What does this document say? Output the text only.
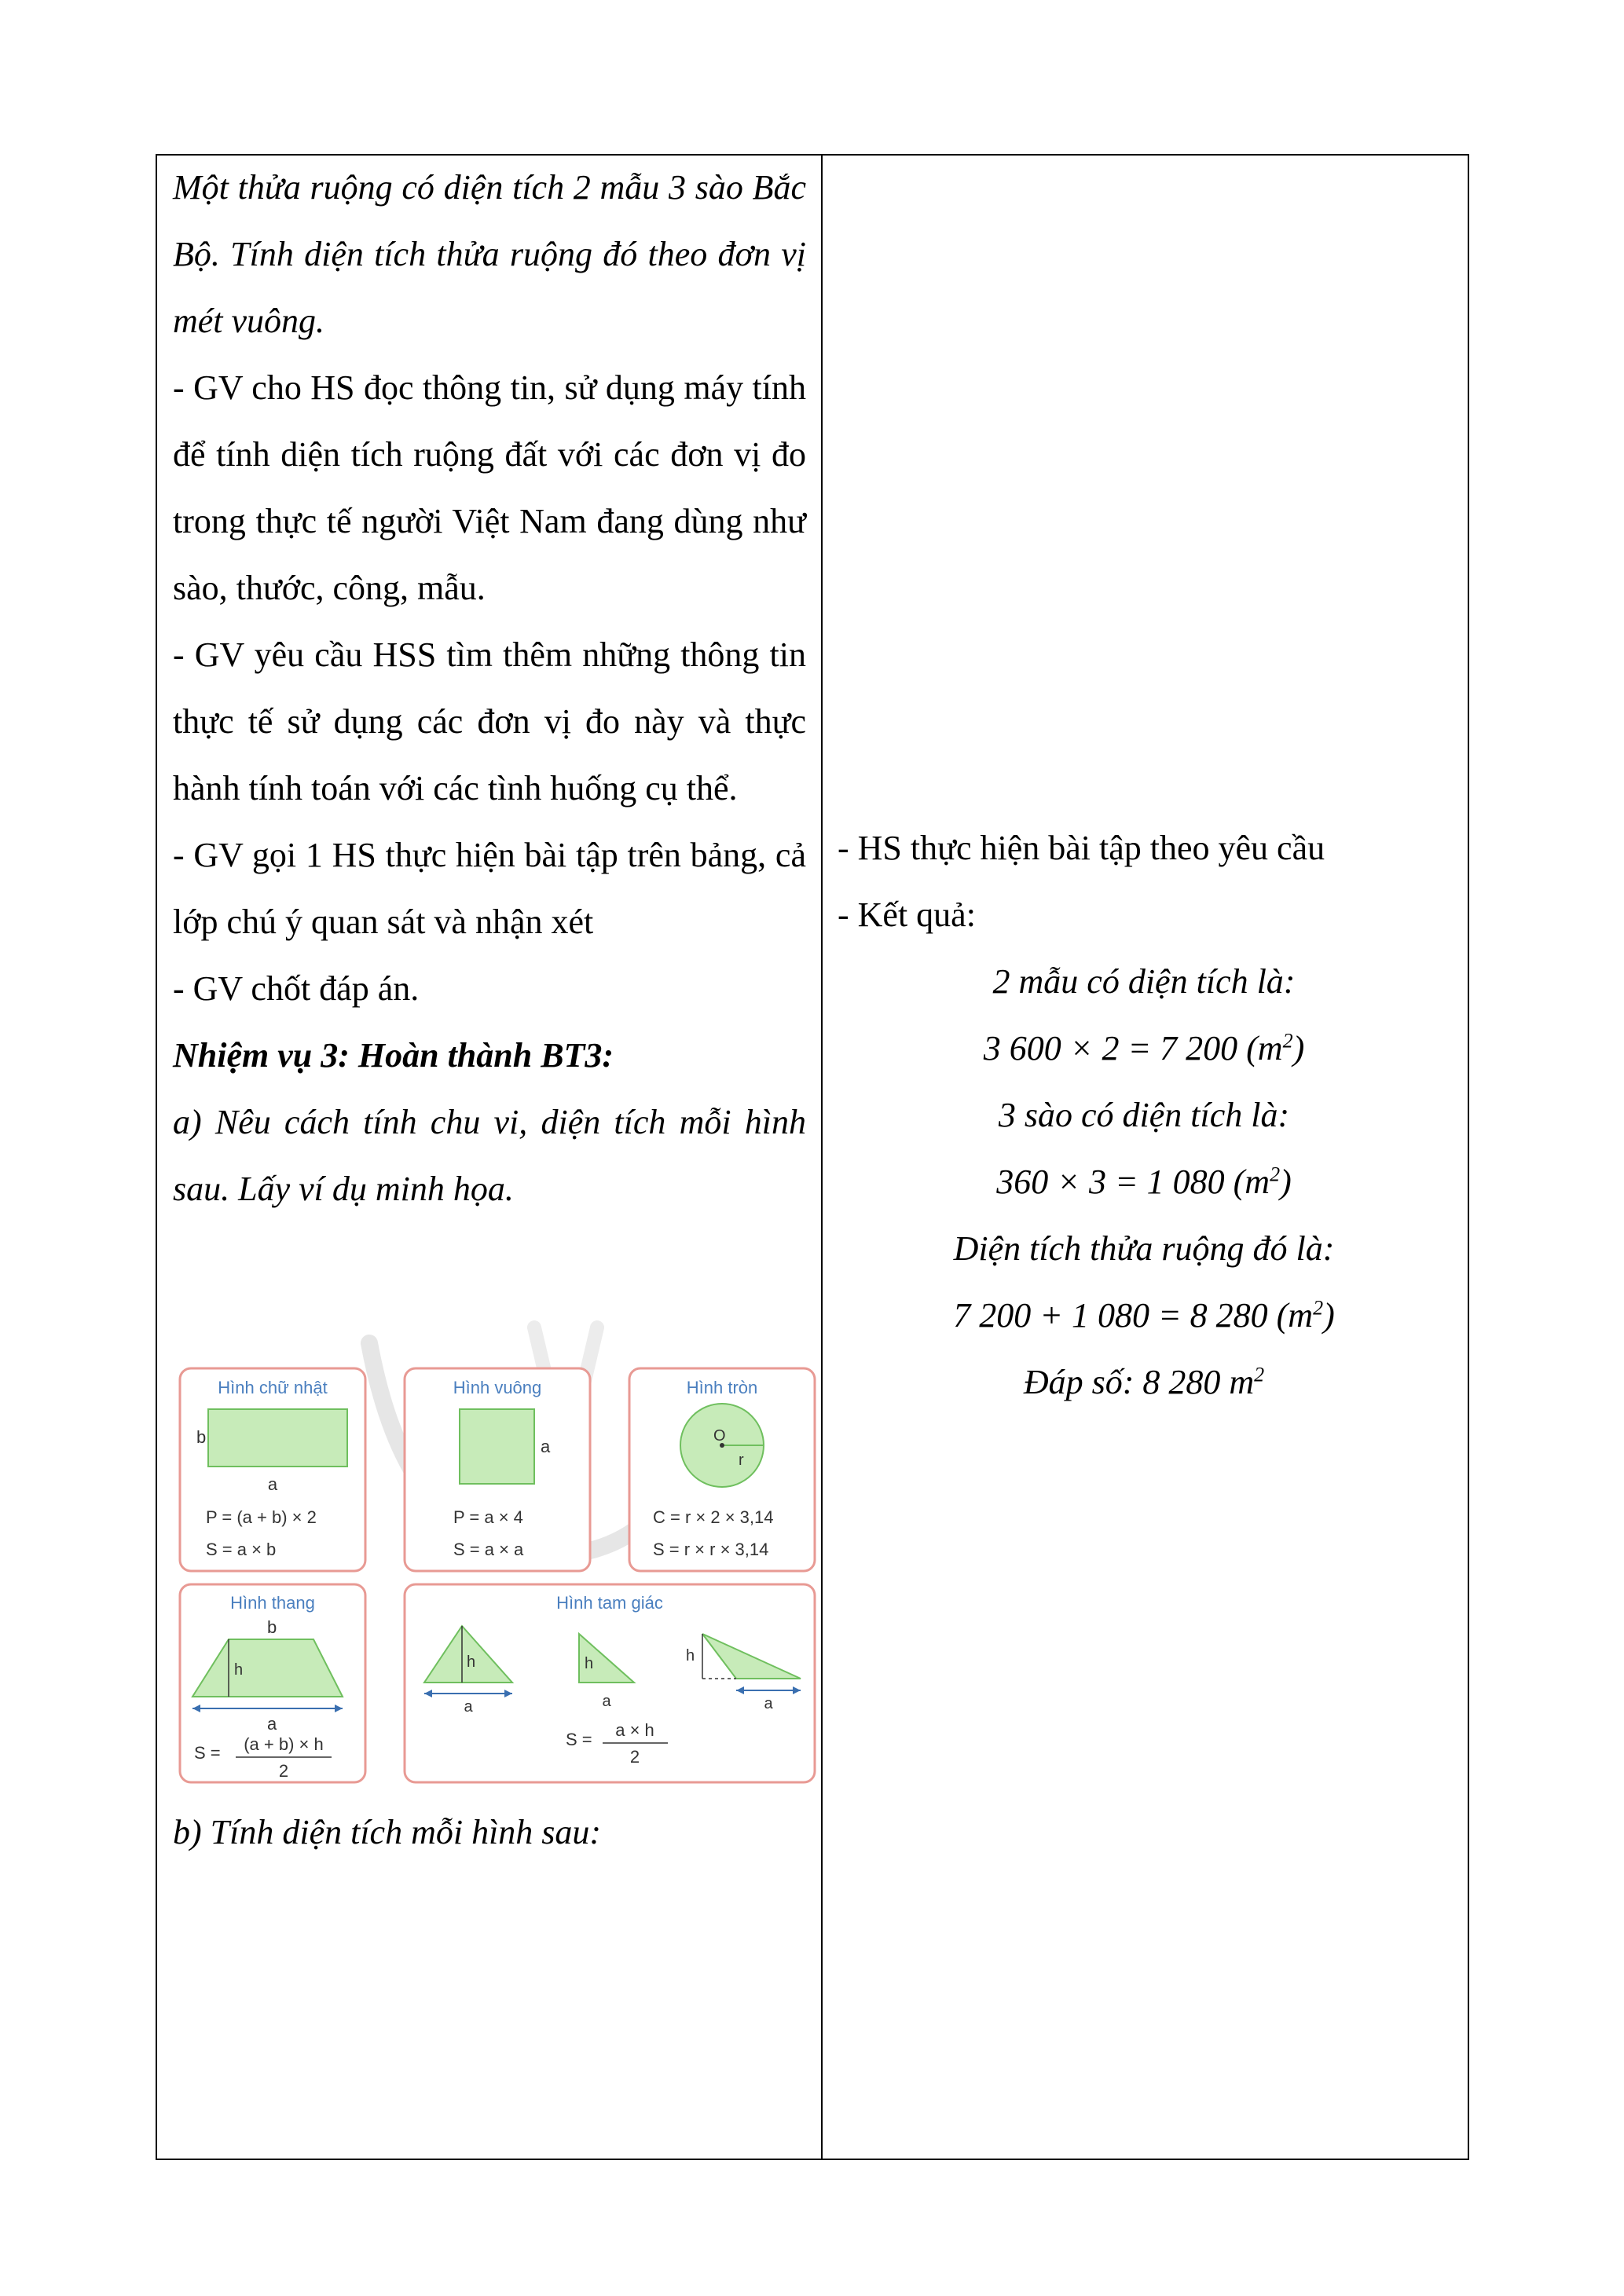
Một thửa ruộng có diện tích 2 mẫu 3 sào Bắc Bộ. Tính diện tích thửa ruộng đó theo đơn vị mét vuông.

- GV cho HS đọc thông tin, sử dụng máy tính để tính diện tích ruộng đất với các đơn vị đo trong thực tế người Việt Nam đang dùng như sào, thước, công, mẫu.

- GV yêu cầu HSS tìm thêm những thông tin thực tế sử dụng các đơn vị đo này và thực hành tính toán với các tình huống cụ thể.

- GV gọi 1 HS thực hiện bài tập trên bảng, cả lớp chú ý quan sát và nhận xét

- GV chốt đáp án.

Nhiệm vụ 3: Hoàn thành BT3:

a) Nêu cách tính chu vi, diện tích mỗi hình sau. Lấy ví dụ minh họa.

Hình chữ nhật
b
a
P = (a + b) × 2
S = a × b
Hình vuông
a
P = a × 4
S = a × a
Hình tròn
O
r
C = r × 2 × 3,14
S = r × r × 3,14
Hình thang
b
h
a
S = (a + b) × h
2
Hình tam giác
h
a
h
a
h
a
S = a × h
2

b) Tính diện tích mỗi hình sau:

- HS thực hiện bài tập theo yêu cầu

- Kết quả:

2 mẫu có diện tích là:

3 600 × 2 = 7 200 $(m^2)$

3 sào có diện tích là:

360 × 3 = 1 080 $(m^2)$

Diện tích thửa ruộng đó là:

7 200 + 1 080 = 8 280 $(m^2)$

Đáp số: 8 280 $m^2$
